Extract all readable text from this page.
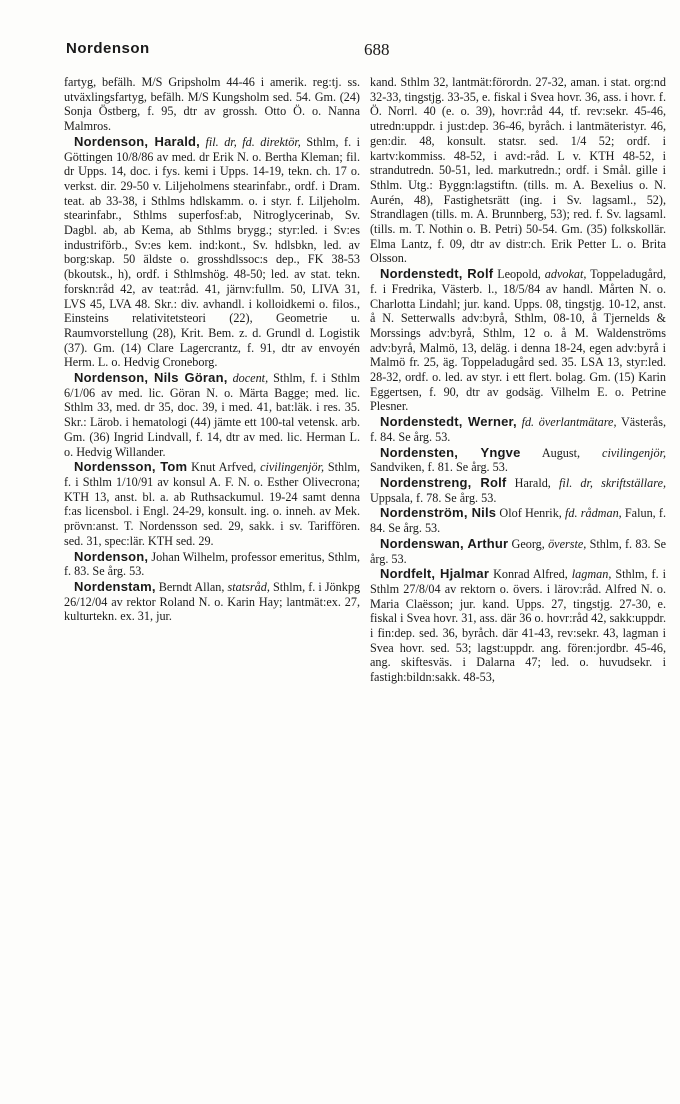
Nordenson	688

fartyg, befälh. M/S Gripsholm 44-46 i amerik. reg:tj. ss. utväxlingsfartyg, befälh. M/S Kungsholm sed. 54. Gm. (24) Sonja Östberg, f. 95, dtr av grossh. Otto Ö. o. Nanna Malmros.

Nordenson, Harald, fil. dr, fd. direktör, Sthlm, f. i Göttingen 10/8/86 av med. dr Erik N. o. Bertha Kleman; fil. dr Upps. 14, doc. i fys. kemi i Upps. 14-19, tekn. ch. 17 o. verkst. dir. 29-50 v. Liljeholmens stearinfabr., ordf. i Dram. teat. ab 33-38, i Sthlms hdlskamm. o. i styr. f. Liljeholm. stearinfabr., Sthlms superfosf:ab, Nitroglycerinab, Sv. Dagbl. ab, ab Kema, ab Sthlms brygg.; styr:led. i Sv:es industriförb., Sv:es kem. ind:kont., Sv. hdlsbkn, led. av borg:skap. 50 äldste o. grosshdlssoc:s dep., FK 38-53 (bkoutsk., h), ordf. i Sthlmshög. 48-50; led. av stat. tekn. forskn:råd 42, av teat:råd. 41, järnv:fullm. 50, LIVA 31, LVS 45, LVA 48. Skr.: div. avhandl. i kolloidkemi o. filos., Einsteins relativitetsteori (22), Geometrie u. Raumvorstellung (28), Krit. Bem. z. d. Grundl d. Logistik (37). Gm. (14) Clare Lagercrantz, f. 91, dtr av envoyén Herm. L. o. Hedvig Croneborg.

Nordenson, Nils Göran, docent, Sthlm, f. i Sthlm 6/1/06 av med. lic. Göran N. o. Märta Bagge; med. lic. Sthlm 33, med. dr 35, doc. 39, i med. 41, bat:läk. i res. 35. Skr.: Lärob. i hematologi (44) jämte ett 100-tal vetensk. arb. Gm. (36) Ingrid Lindvall, f. 14, dtr av med. lic. Herman L. o. Hedvig Willander.

Nordensson, Tom Knut Arfved, civilingenjör, Sthlm, f. i Sthlm 1/10/91 av konsul A. F. N. o. Esther Olivecrona; KTH 13, anst. bl. a. ab Ruthsackumul. 19-24 samt denna f:as licensbol. i Engl. 24-29, konsult. ing. o. inneh. av Mek. prövn:anst. T. Nordensson sed. 29, sakk. i sv. Tariffören. sed. 31, spec:lär. KTH sed. 29.

Nordenson, Johan Wilhelm, professor emeritus, Sthlm, f. 83. Se årg. 53.

Nordenstam, Berndt Allan, statsråd, Sthlm, f. i Jönkpg 26/12/04 av rektor Roland N. o. Karin Hay; lantmät:ex. 27, kulturtekn. ex. 31, jur.

kand. Sthlm 32, lantmät:förordn. 27-32, aman. i stat. org:nd 32-33, tingstjg. 33-35, e. fiskal i Svea hovr. 36, ass. i hovr. f. Ö. Norrl. 40 (e. o. 39), hovr:råd 44, tf. rev:sekr. 45-46, utredn:uppdr. i just:dep. 36-46, byråch. i lantmäteristyr. 46, gen:dir. 48, konsult. statsr. sed. 1/4 52; ordf. i kartv:kommiss. 48-52, i avd:-råd. L v. KTH 48-52, i strandutredn. 50-51, led. markutredn.; ordf. i Smål. gille i Sthlm. Utg.: Byggn:lagstiftn. (tills. m. A. Bexelius o. N. Aurén, 48), Fastighetsrätt (ing. i Sv. lagsaml., 52), Strandlagen (tills. m. A. Brunnberg, 53); red. f. Sv. lagsaml. (tills. m. T. Nothin o. B. Petri) 50-54. Gm. (35) folkskollär. Elma Lantz, f. 09, dtr av distr:ch. Erik Petter L. o. Brita Olsson.

Nordenstedt, Rolf Leopold, advokat, Toppeladugård, f. i Fredrika, Västerb. l., 18/5/84 av handl. Mårten N. o. Charlotta Lindahl; jur. kand. Upps. 08, tingstjg. 10-12, anst. å N. Setterwalls adv:byrå, Sthlm, 08-10, å Tjernelds & Morssings adv:byrå, Sthlm, 12 o. å M. Waldenströms adv:byrå, Malmö, 13, deläg. i denna 18-24, egen adv:byrå i Malmö fr. 25, äg. Toppeladugård sed. 35. LSA 13, styr:led. 28-32, ordf. o. led. av styr. i ett flert. bolag. Gm. (15) Karin Eggertsen, f. 90, dtr av godsäg. Vilhelm E. o. Petrine Plesner.

Nordenstedt, Werner, fd. överlantmätare, Västerås, f. 84. Se årg. 53.

Nordensten, Yngve August, civilingenjör, Sandviken, f. 81. Se årg. 53.

Nordenstreng, Rolf Harald, fil. dr, skriftställare, Uppsala, f. 78. Se årg. 53.

Nordenström, Nils Olof Henrik, fd. rådman, Falun, f. 84. Se årg. 53.

Nordenswan, Arthur Georg, överste, Sthlm, f. 83. Se årg. 53.

Nordfelt, Hjalmar Konrad Alfred, lagman, Sthlm, f. i Sthlm 27/8/04 av rektorn o. övers. i lärov:råd. Alfred N. o. Maria Claësson; jur. kand. Upps. 27, tingstjg. 27-30, e. fiskal i Svea hovr. 31, ass. där 36 o. hovr:råd 42, sakk:uppdr. i fin:dep. sed. 36, byråch. där 41-43, rev:sekr. 43, lagman i Svea hovr. sed. 53; lagst:uppdr. ang. fören:jordbr. 45-46, ang. skiftesväs. i Dalarna 47; led. o. huvudsekr. i fastigh:bildn:sakk. 48-53,
